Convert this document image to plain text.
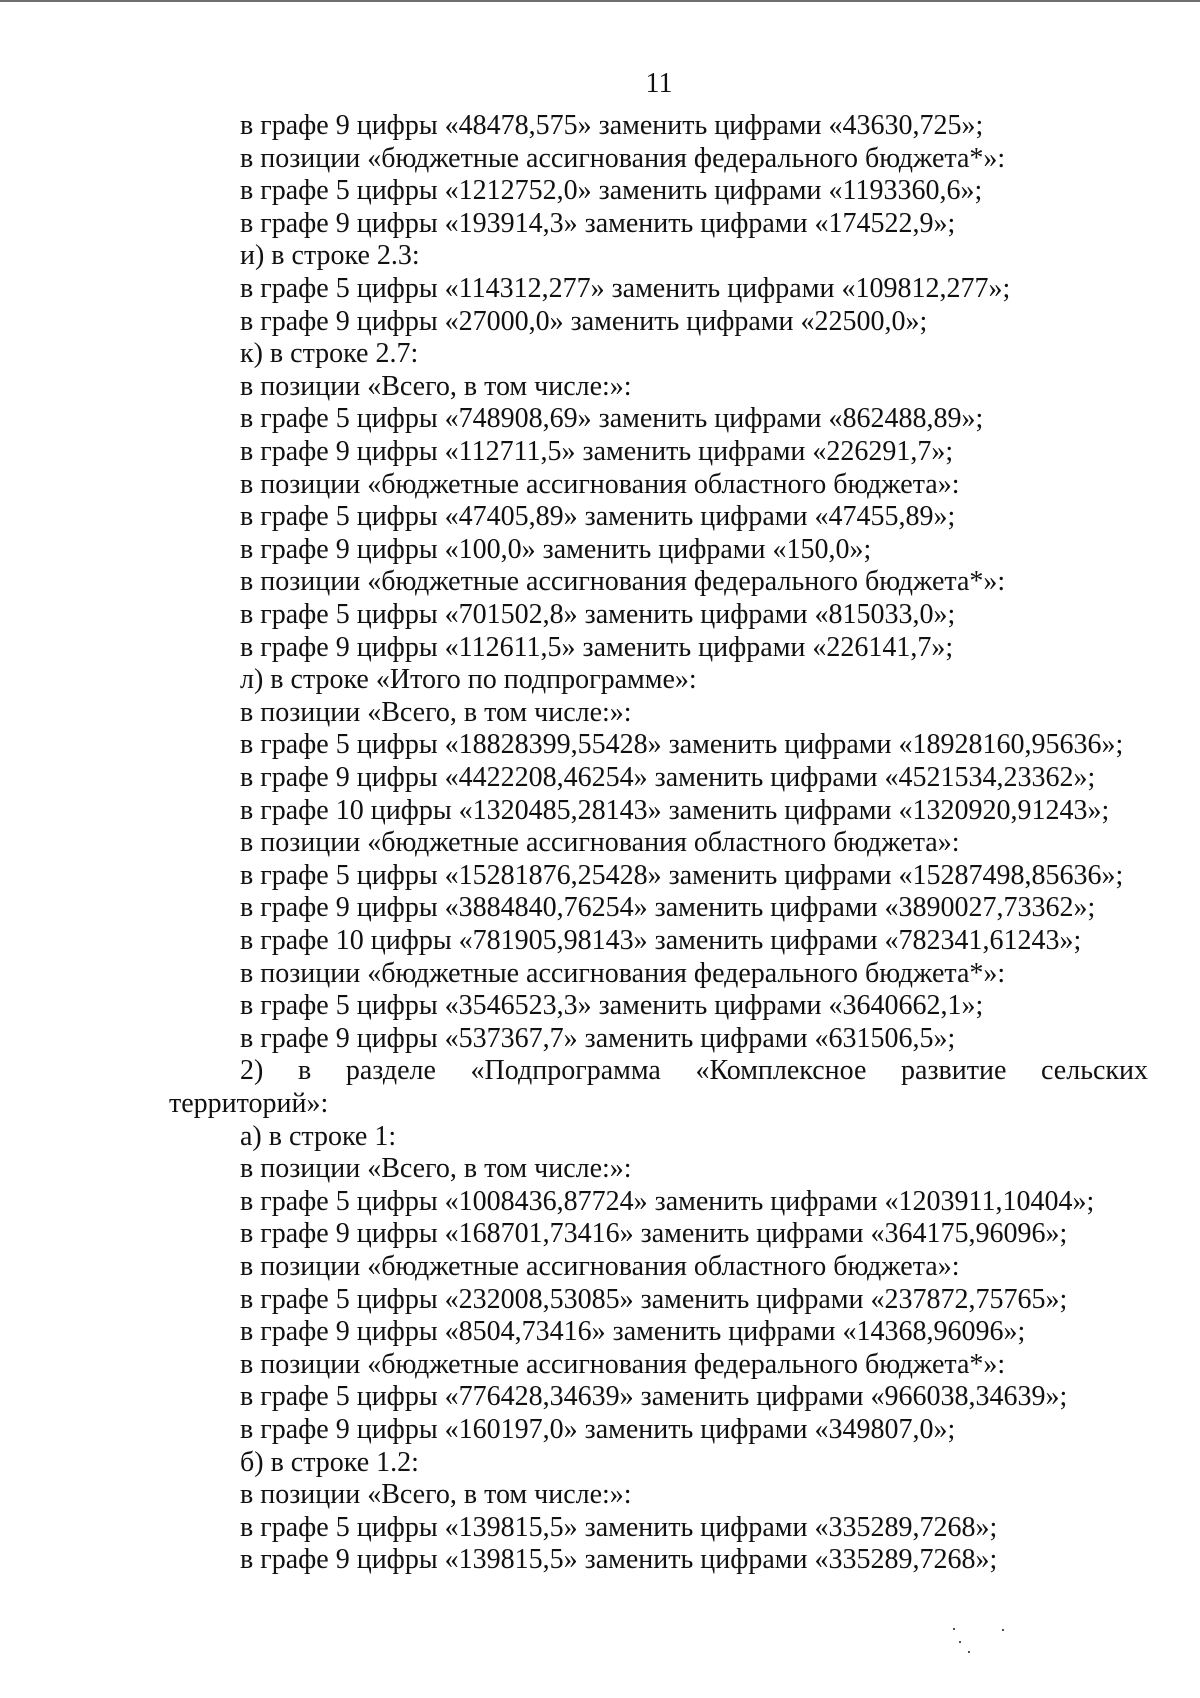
11
в графе 9 цифры «48478,575» заменить цифрами «43630,725»;
в позиции «бюджетные ассигнования федерального бюджета*»:
в графе 5 цифры «1212752,0» заменить цифрами «1193360,6»;
в графе 9 цифры «193914,3» заменить цифрами «174522,9»;
и) в строке 2.3:
в графе 5 цифры «114312,277» заменить цифрами «109812,277»;
в графе 9 цифры «27000,0» заменить цифрами «22500,0»;
к) в строке 2.7:
в позиции «Всего, в том числе:»:
в графе 5 цифры «748908,69» заменить цифрами «862488,89»;
в графе 9 цифры «112711,5» заменить цифрами «226291,7»;
в позиции «бюджетные ассигнования областного бюджета»:
в графе 5 цифры «47405,89» заменить цифрами «47455,89»;
в графе 9 цифры «100,0» заменить цифрами «150,0»;
в позиции «бюджетные ассигнования федерального бюджета*»:
в графе 5 цифры «701502,8» заменить цифрами «815033,0»;
в графе 9 цифры «112611,5» заменить цифрами «226141,7»;
л) в строке «Итого по подпрограмме»:
в позиции «Всего, в том числе:»:
в графе 5 цифры «18828399,55428» заменить цифрами «18928160,95636»;
в графе 9 цифры «4422208,46254» заменить цифрами «4521534,23362»;
в графе 10 цифры «1320485,28143» заменить цифрами «1320920,91243»;
в позиции «бюджетные ассигнования областного бюджета»:
в графе 5 цифры «15281876,25428» заменить цифрами «15287498,85636»;
в графе 9 цифры «3884840,76254» заменить цифрами «3890027,73362»;
в графе 10 цифры «781905,98143» заменить цифрами «782341,61243»;
в позиции «бюджетные ассигнования федерального бюджета*»:
в графе 5 цифры «3546523,3» заменить цифрами «3640662,1»;
в графе 9 цифры «537367,7» заменить цифрами «631506,5»;
2) в разделе «Подпрограмма «Комплексное развитие сельских
территорий»:
а) в строке 1:
в позиции «Всего, в том числе:»:
в графе 5 цифры «1008436,87724» заменить цифрами «1203911,10404»;
в графе 9 цифры «168701,73416» заменить цифрами «364175,96096»;
в позиции «бюджетные ассигнования областного бюджета»:
в графе 5 цифры «232008,53085» заменить цифрами «237872,75765»;
в графе 9 цифры «8504,73416» заменить цифрами «14368,96096»;
в позиции «бюджетные ассигнования федерального бюджета*»:
в графе 5 цифры «776428,34639» заменить цифрами «966038,34639»;
в графе 9 цифры «160197,0» заменить цифрами «349807,0»;
б) в строке 1.2:
в позиции «Всего, в том числе:»:
в графе 5 цифры «139815,5» заменить цифрами «335289,7268»;
в графе 9 цифры «139815,5» заменить цифрами «335289,7268»;
·
· ·
·
